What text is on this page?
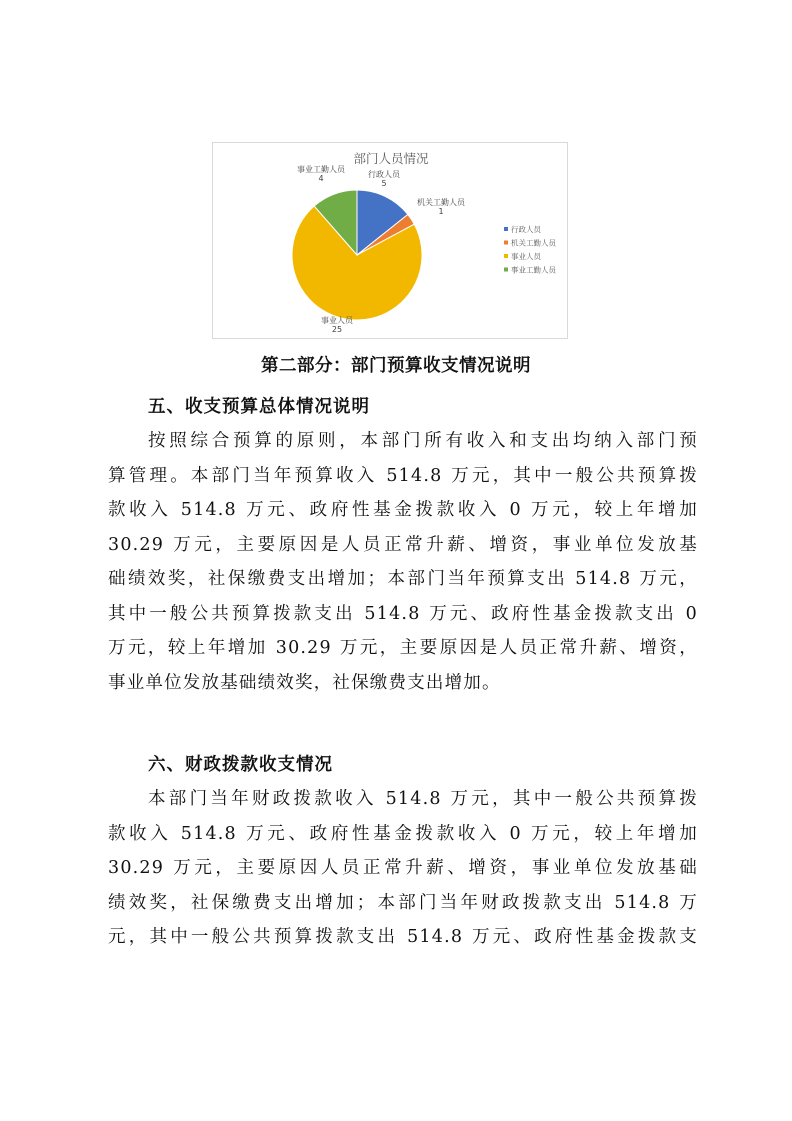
部门人员情况
行政人员
5
机关工勤人员
1
事业人员
25
事业工勤人员
4
行政人员
机关工勤人员
事业人员
事业工勤人员
第二部分：部门预算收支情况说明
五、收支预算总体情况说明
按照综合预算的原则，本部门所有收入和支出均纳入部门预
算管理。本部门当年预算收入 514.8 万元，其中一般公共预算拨
款收入 514.8 万元、政府性基金拨款收入 0 万元，较上年增加
30.29 万元，主要原因是人员正常升薪、增资，事业单位发放基
础绩效奖，社保缴费支出增加；本部门当年预算支出 514.8 万元，
其中一般公共预算拨款支出 514.8 万元、政府性基金拨款支出 0
万元，较上年增加 30.29 万元，主要原因是人员正常升薪、增资，
事业单位发放基础绩效奖，社保缴费支出增加。
六、财政拨款收支情况
本部门当年财政拨款收入 514.8 万元，其中一般公共预算拨
款收入 514.8 万元、政府性基金拨款收入 0 万元，较上年增加
30.29 万元，主要原因人员正常升薪、增资，事业单位发放基础
绩效奖，社保缴费支出增加；本部门当年财政拨款支出 514.8 万
元，其中一般公共预算拨款支出 514.8 万元、政府性基金拨款支
